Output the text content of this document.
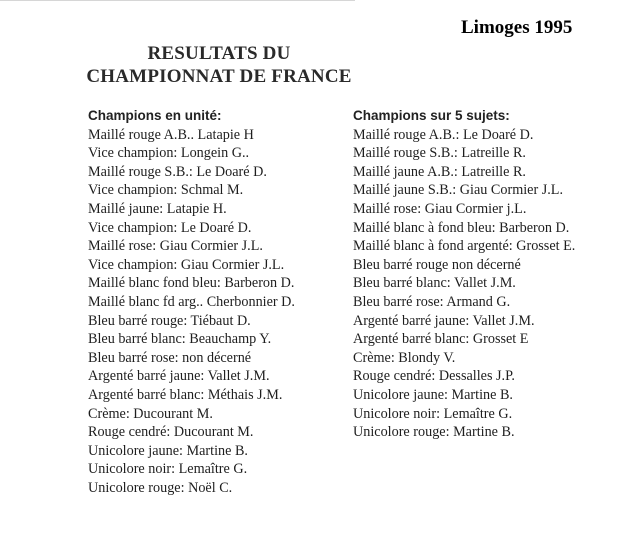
Limoges 1995
RESULTATS DU
CHAMPIONNAT DE FRANCE
Champions en unité:
Maillé rouge A.B.. Latapie H
Vice champion: Longein G..
Maillé rouge S.B.: Le Doaré D.
Vice champion: Schmal M.
Maillé jaune: Latapie H.
Vice champion: Le Doaré D.
Maillé rose: Giau Cormier J.L.
Vice champion: Giau Cormier J.L.
Maillé blanc fond bleu: Barberon D.
Maillé blanc fd arg.. Cherbonnier D.
Bleu barré rouge: Tiébaut D.
Bleu barré blanc: Beauchamp Y.
Bleu barré rose: non décerné
Argenté barré jaune: Vallet J.M.
Argenté barré blanc: Méthais J.M.
Crème: Ducourant M.
Rouge cendré: Ducourant M.
Unicolore jaune: Martine B.
Unicolore noir: Lemaître G.
Unicolore rouge: Noël C.
Champions sur 5 sujets:
Maillé rouge A.B.: Le Doaré D.
Maillé rouge S.B.: Latreille R.
Maillé jaune A.B.: Latreille R.
Maillé jaune S.B.: Giau Cormier J.L.
Maillé rose: Giau Cormier j.L.
Maillé blanc à fond bleu: Barberon D.
Maillé blanc à fond argenté: Grosset E.
Bleu barré rouge non décerné
Bleu barré blanc: Vallet J.M.
Bleu barré rose: Armand G.
Argenté barré jaune: Vallet J.M.
Argenté barré blanc: Grosset E
Crème: Blondy V.
Rouge cendré: Dessalles J.P.
Unicolore jaune: Martine B.
Unicolore noir: Lemaître G.
Unicolore rouge: Martine B.
